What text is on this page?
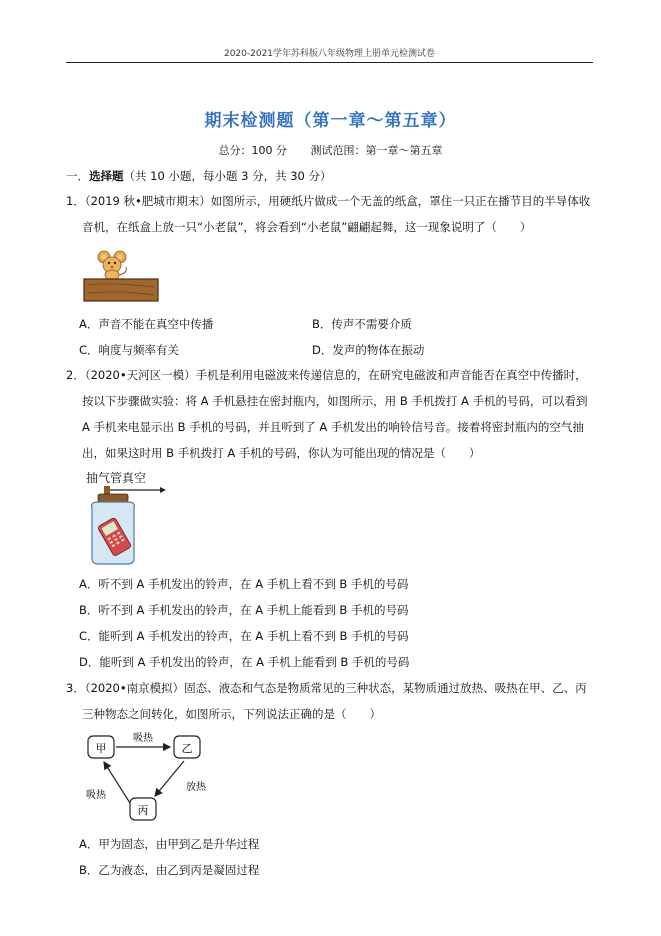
2020-2021学年苏科版八年级物理上册单元检测试卷
期末检测题（第一章～第五章）
总分：100 分 测试范围：第一章～第五章
一．选择题（共 10 小题，每小题 3 分，共 30 分）
1．（2019 秋•肥城市期末）如图所示，用硬纸片做成一个无盖的纸盒，罩住一只正在播节目的半导体收
音机，在纸盒上放一只“小老鼠”，将会看到“小老鼠”翩翩起舞，这一现象说明了（　　）
A．声音不能在真空中传播	B．传声不需要介质
C．响度与频率有关	D．发声的物体在振动
2．（2020•天河区一模）手机是利用电磁波来传递信息的，在研究电磁波和声音能否在真空中传播时，
按以下步骤做实验：将 A 手机悬挂在密封瓶内，如图所示，用 B 手机拨打 A 手机的号码，可以看到
A 手机来电显示出 B 手机的号码，并且听到了 A 手机发出的响铃信号音。接着将密封瓶内的空气抽
出，如果这时用 B 手机拨打 A 手机的号码，你认为可能出现的情况是（　　）
抽气管真空
A．听不到 A 手机发出的铃声，在 A 手机上看不到 B 手机的号码
B．听不到 A 手机发出的铃声，在 A 手机上能看到 B 手机的号码
C．能听到 A 手机发出的铃声，在 A 手机上看不到 B 手机的号码
D．能听到 A 手机发出的铃声，在 A 手机上能看到 B 手机的号码
3．（2020•南京模拟）固态、液态和气态是物质常见的三种状态，某物质通过放热、吸热在甲、乙、丙
三种物态之间转化，如图所示，下列说法正确的是（　　）
甲	乙
丙
吸热
放热
吸热
A．甲为固态，由甲到乙是升华过程
B．乙为液态，由乙到丙是凝固过程
